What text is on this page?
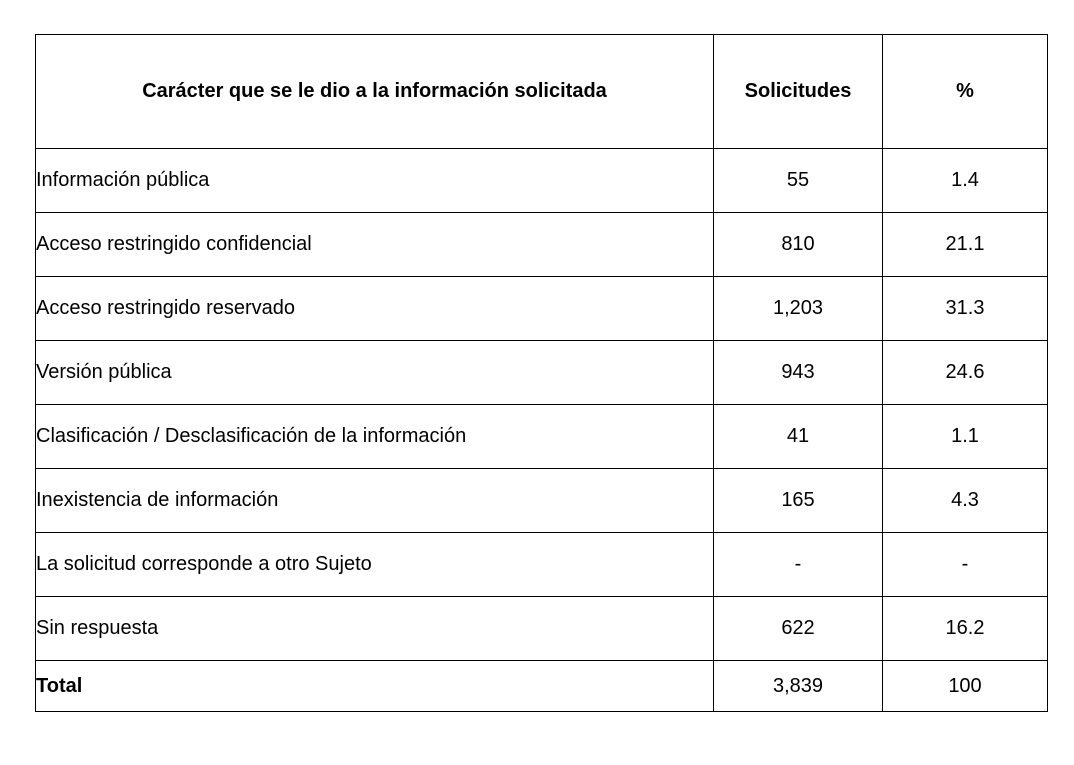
Carácter que se le dio a la información solicitada	Solicitudes	%
Información pública	55	1.4
Acceso restringido confidencial	810	21.1
Acceso restringido reservado	1,203	31.3
Versión pública	943	24.6
Clasificación / Desclasificación de la información	41	1.1
Inexistencia de información	165	4.3
La solicitud corresponde a otro Sujeto	-	-
Sin respuesta	622	16.2
Total	3,839	100
